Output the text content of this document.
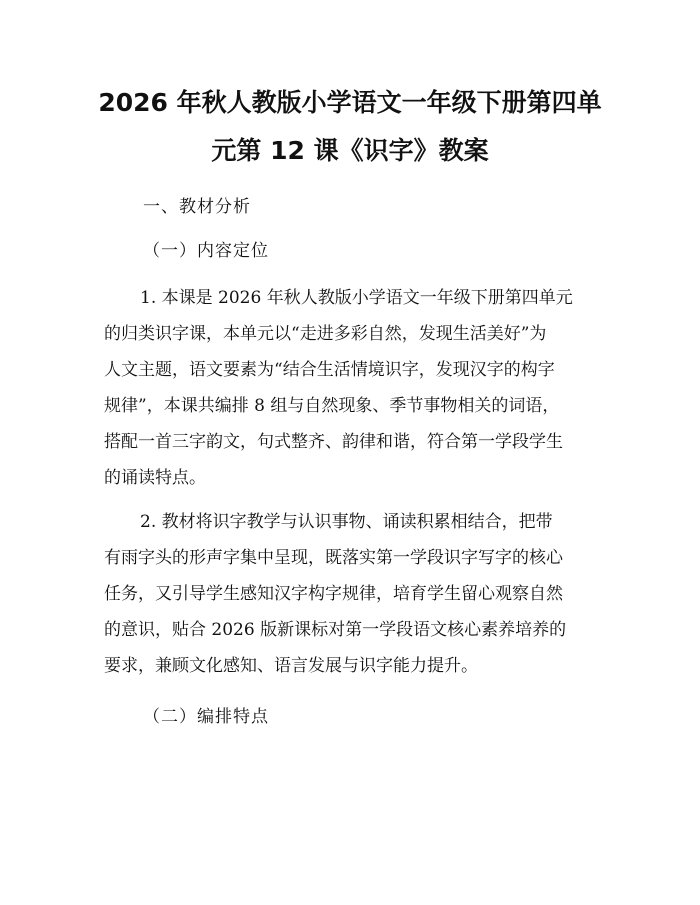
2026 年秋人教版小学语文一年级下册第四单
元第 12 课《识字》教案
一、教材分析
（一）内容定位
1. 本课是 2026 年秋人教版小学语文一年级下册第四单元
的归类识字课，本单元以“走进多彩自然，发现生活美好”为
人文主题，语文要素为“结合生活情境识字，发现汉字的构字
规律”，本课共编排 8 组与自然现象、季节事物相关的词语，
搭配一首三字韵文，句式整齐、韵律和谐，符合第一学段学生
的诵读特点。
2. 教材将识字教学与认识事物、诵读积累相结合，把带
有雨字头的形声字集中呈现，既落实第一学段识字写字的核心
任务，又引导学生感知汉字构字规律，培育学生留心观察自然
的意识，贴合 2026 版新课标对第一学段语文核心素养培养的
要求，兼顾文化感知、语言发展与识字能力提升。
（二）编排特点
